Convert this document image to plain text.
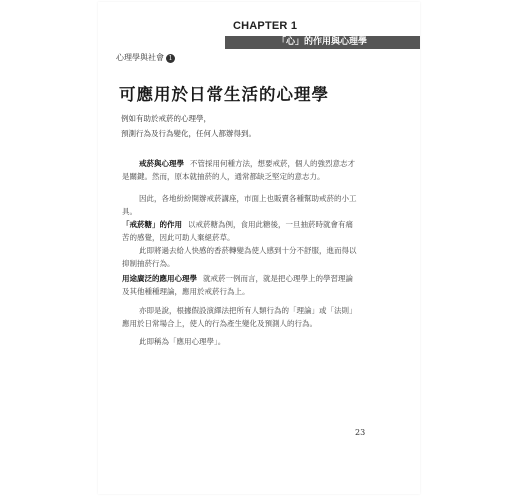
CHAPTER 1
「心」的作用與心理學
心理學與社會 1
可應用於日常生活的心理學
例如有助於戒菸的心理學，
預測行為及行為變化，任何人都辦得到。
戒菸與心理學 不管採用何種方法，想要戒菸，個人的強烈意志才是關鍵。然而，原本就抽菸的人，通常都缺乏堅定的意志力。
因此，各地紛紛開辦戒菸講座，市面上也販賣各種幫助戒菸的小工具。
「戒菸糖」的作用 以戒菸糖為例，食用此糖後，一旦抽菸時就會有痛苦的感覺，因此可助人棄絕菸草。
此即將過去給人快感的香菸轉變為使人感到十分不舒服，進而得以抑制抽菸行為。
用途廣泛的應用心理學 就戒菸一例而言，就是把心理學上的學習理論及其他種種理論，應用於戒菸行為上。
亦即是說，根據假設演繹法把所有人類行為的「理論」或「法則」應用於日常場合上，使人的行為產生變化及預測人的行為。
此即稱為「應用心理學」。
23
